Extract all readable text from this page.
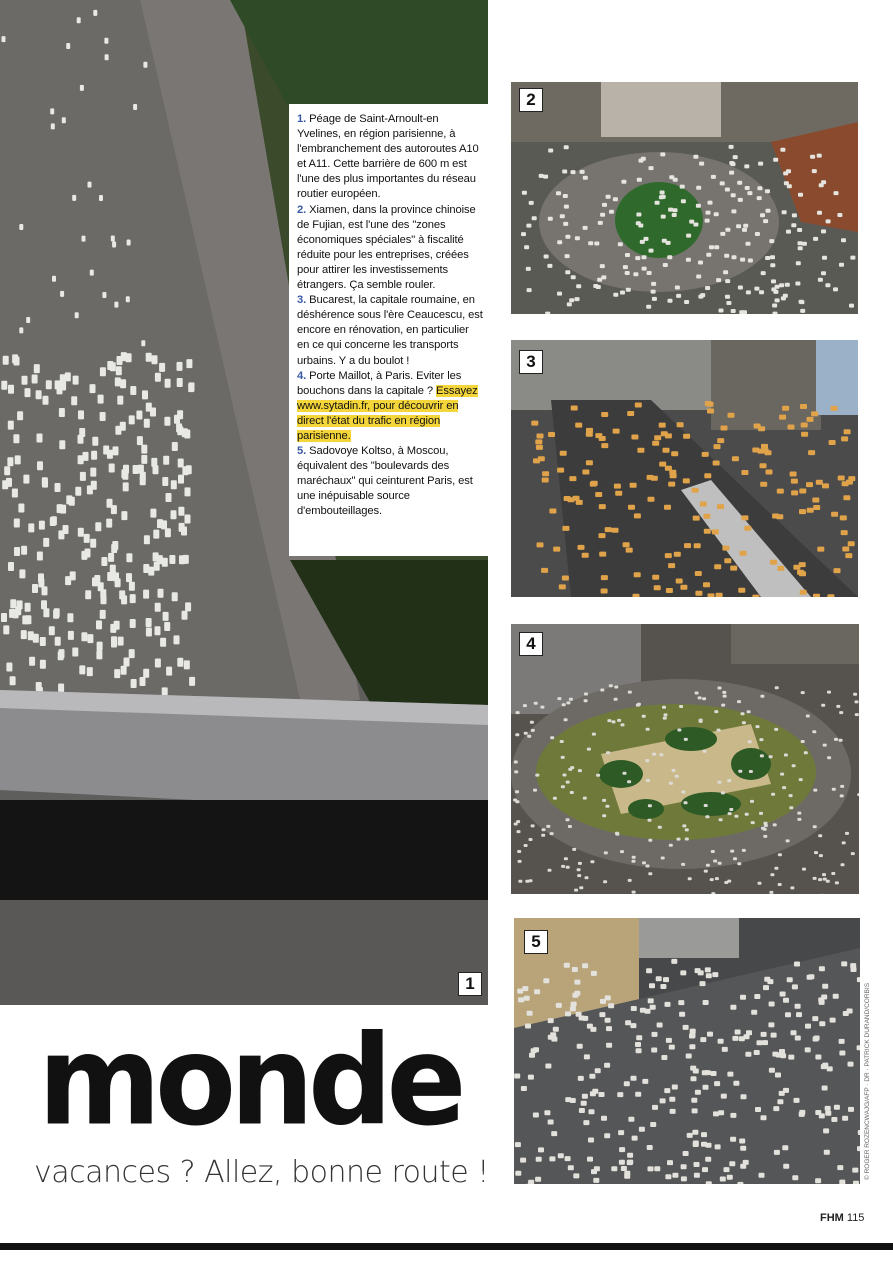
1

1. Péage de Saint-Arnoult-en Yvelines, en région parisienne, à l'embranchement des autoroutes A10 et A11. Cette barrière de 600 m est l'une des plus importantes du réseau routier européen.

2. Xiamen, dans la province chinoise de Fujian, est l'une des "zones économiques spéciales" à fiscalité réduite pour les entreprises, créées pour attirer les investissements étrangers. Ça semble rouler.

3. Bucarest, la capitale roumaine, en déshérence sous l'ère Ceaucescu, est encore en rénovation, en particulier en ce qui concerne les transports urbains. Y a du boulot !

4. Porte Maillot, à Paris. Eviter les bouchons dans la capitale ? Essayez www.sytadin.fr, pour découvrir en direct l'état du trafic en région parisienne.

5. Sadovoye Koltso, à Moscou, équivalent des "boulevards des maréchaux" qui ceinturent Paris, est une inépuisable source d'embouteillages.

2
3
4
5
monde
vacances ? Allez, bonne route !	© ROGER ROZENCWAJG/AFP · DR · PATRICK DURAND/CORBIS
FHM 115
